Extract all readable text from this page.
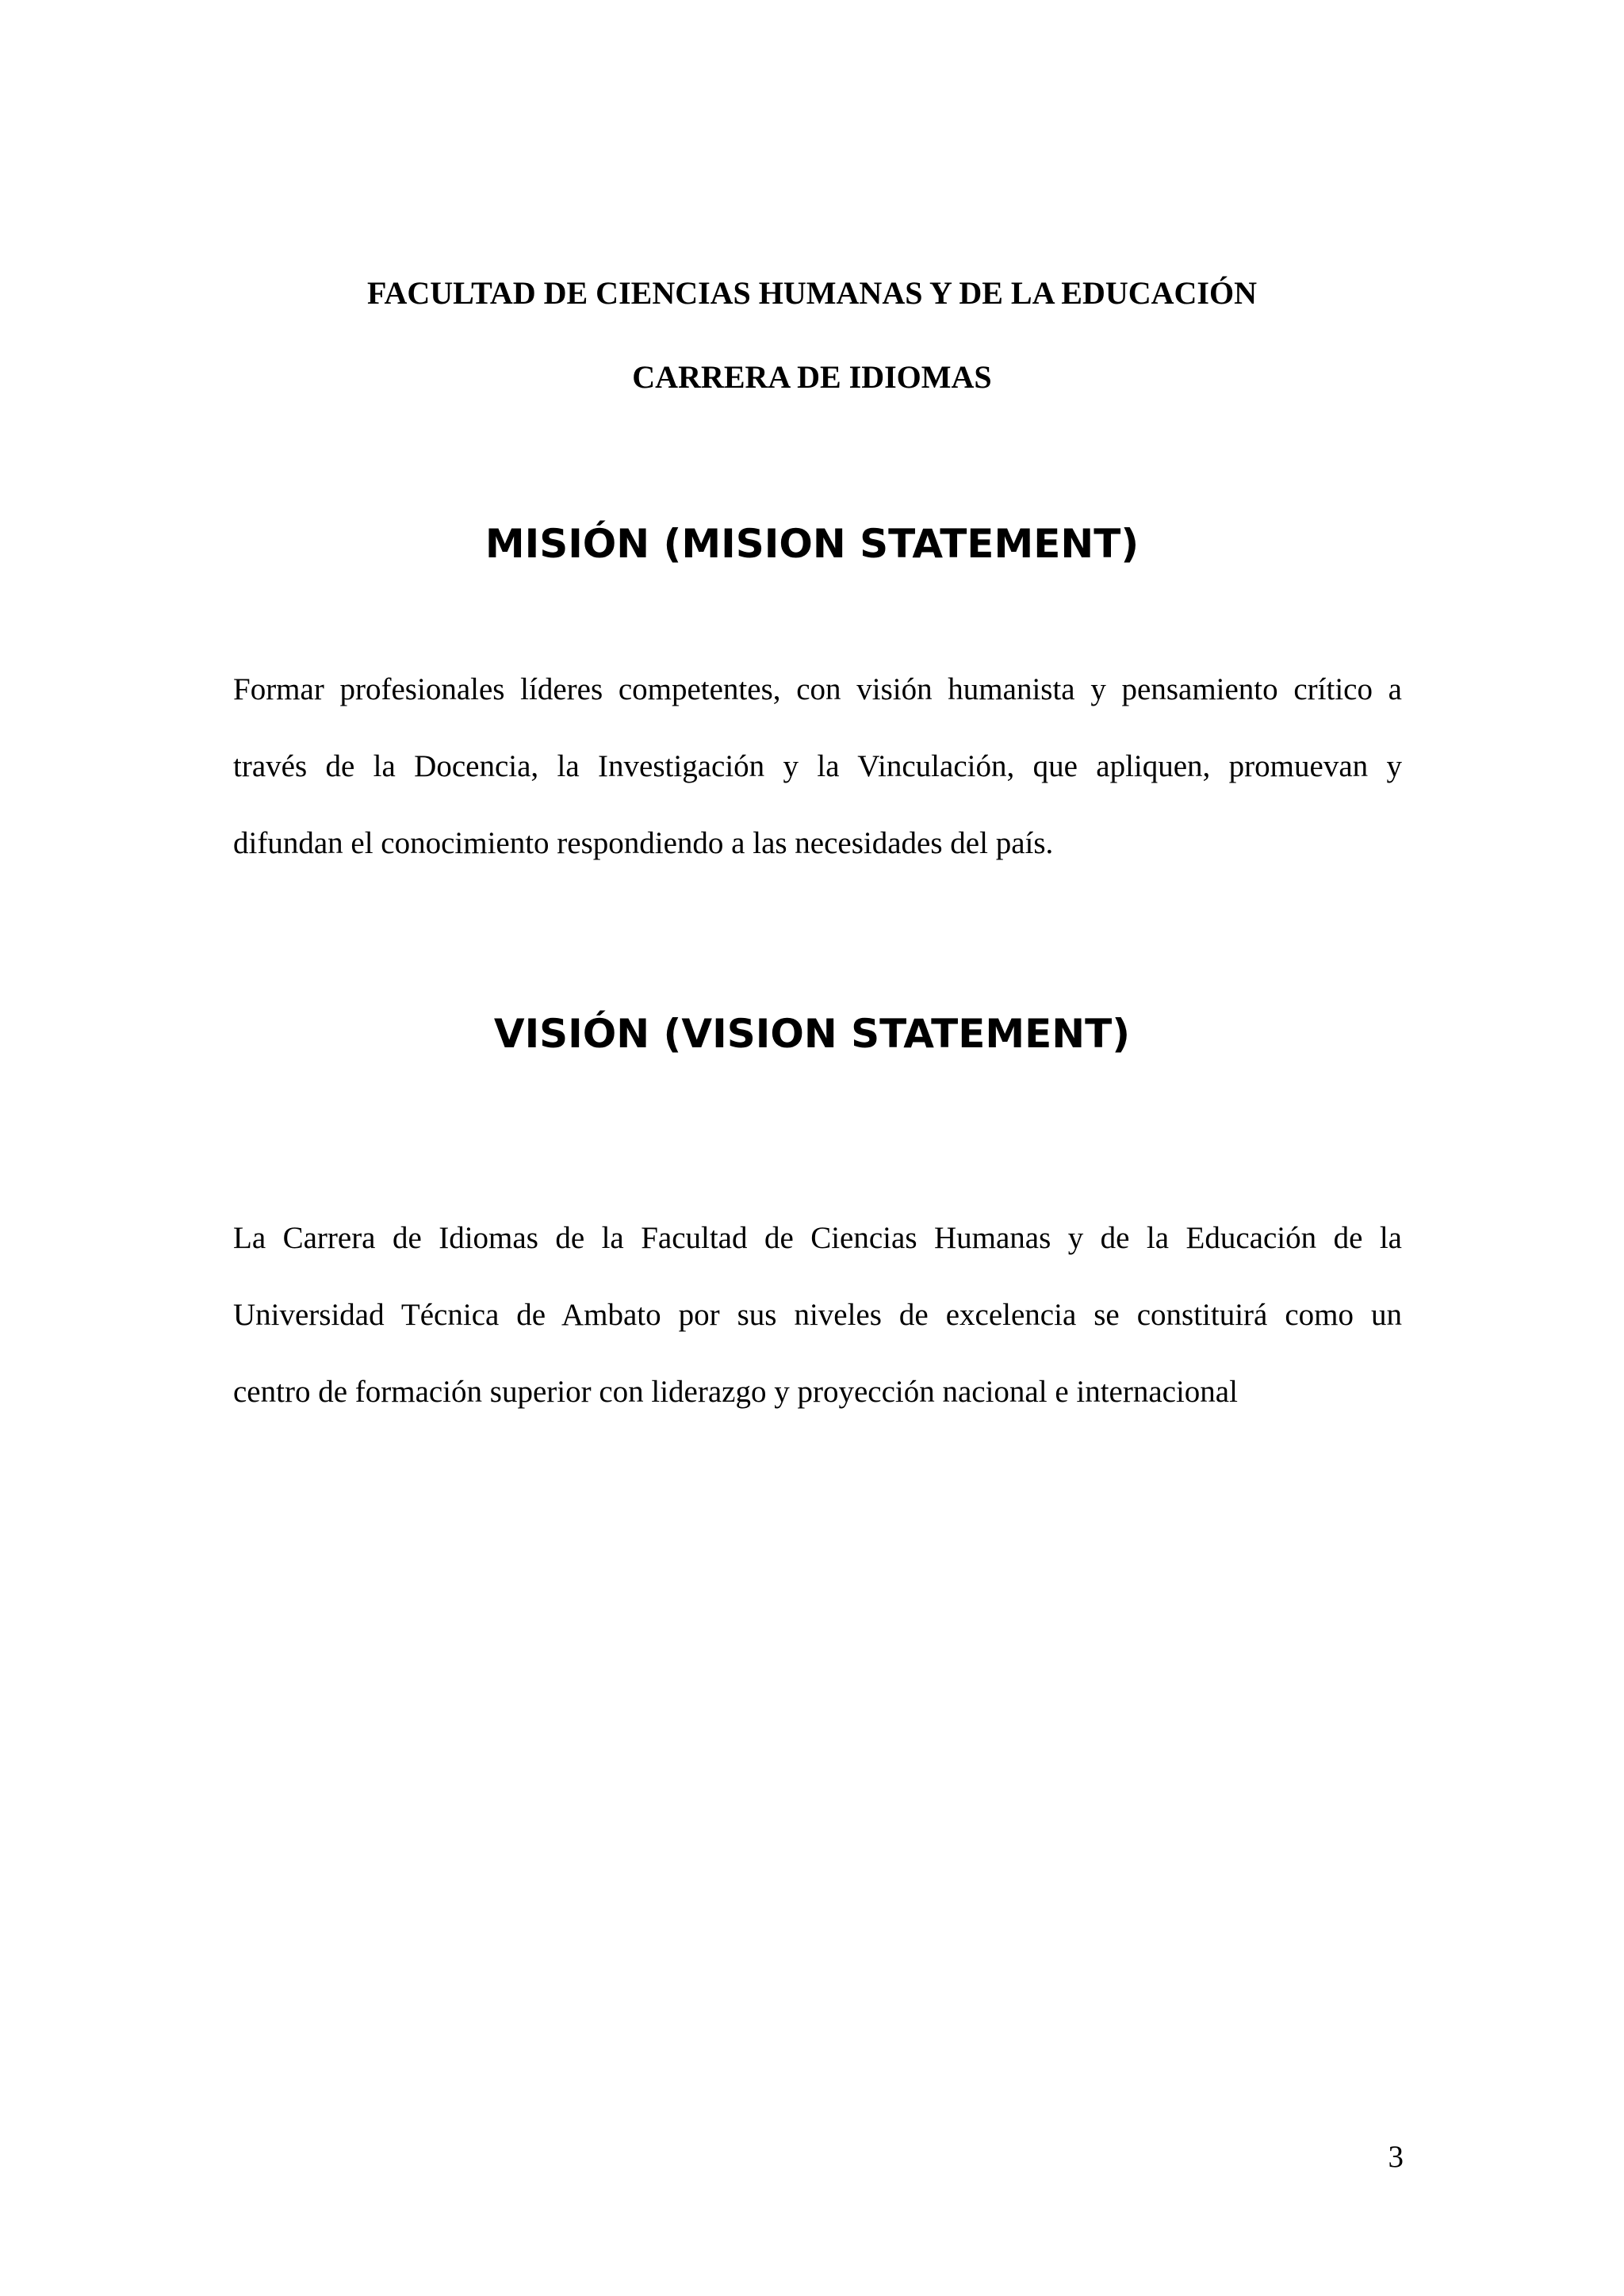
FACULTAD DE CIENCIAS HUMANAS Y DE LA EDUCACIÓN
CARRERA DE IDIOMAS
MISIÓN (MISION STATEMENT)
Formar profesionales líderes competentes, con visión humanista y pensamiento crítico a
través de la Docencia, la Investigación y la Vinculación, que apliquen, promuevan y
difundan el conocimiento respondiendo a las necesidades del país.
VISIÓN (VISION STATEMENT)
La Carrera de Idiomas de la Facultad de Ciencias Humanas y de la Educación de la
Universidad Técnica de Ambato por sus niveles de excelencia se constituirá como un
centro de formación superior con liderazgo y proyección nacional e internacional
3
